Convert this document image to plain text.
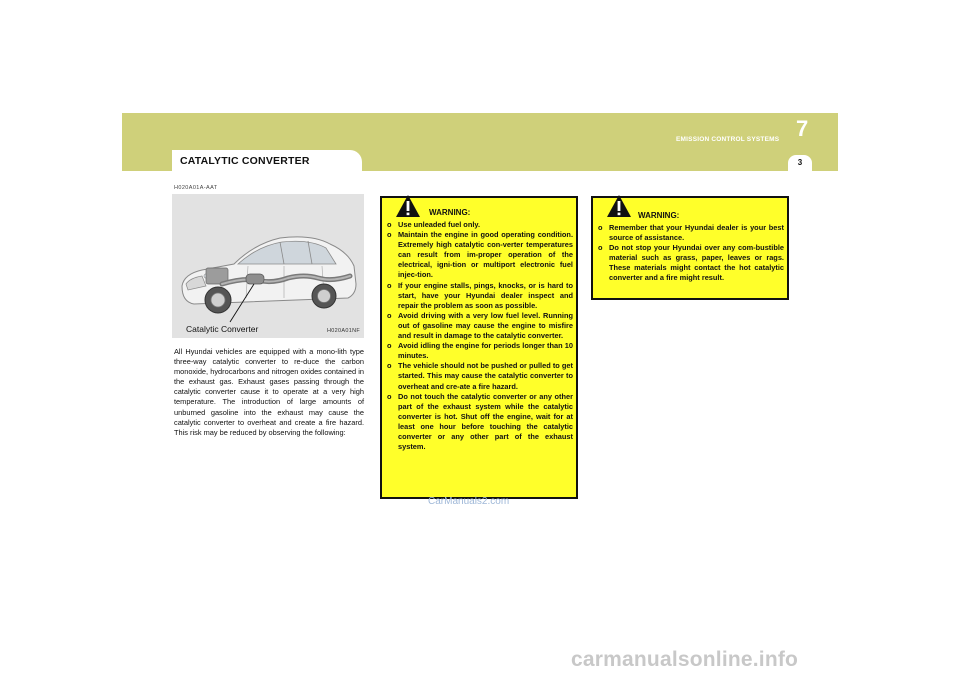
CATALYTIC CONVERTER
EMISSION CONTROL SYSTEMS 7
3
H020A01A-AAT
Catalytic Converter	H020A01NF

All Hyundai vehicles are equipped with a mono-lith type three-way catalytic converter to re-duce the carbon monoxide, hydrocarbons and nitrogen oxides contained in the exhaust gas. Exhaust gases passing through the catalytic converter cause it to operate at a very high temperature. The introduction of large amounts of unburned gasoline into the exhaust may cause the catalytic converter to overheat and create a fire hazard. This risk may be reduced by observing the following:

WARNING:
o Use unleaded fuel only.
o Maintain the engine in good operating condition. Extremely high catalytic con-verter temperatures can result from im-proper operation of the electrical, igni-tion or multiport electronic fuel injec-tion.
o If your engine stalls, pings, knocks, or is hard to start, have your Hyundai dealer inspect and repair the problem as soon as possible.
o Avoid driving with a very low fuel level. Running out of gasoline may cause the engine to misfire and result in damage to the catalytic converter.
o Avoid idling the engine for periods longer than 10 minutes.
o The vehicle should not be pushed or pulled to get started. This may cause the catalytic converter to overheat and cre-ate a fire hazard.
o Do not touch the catalytic converter or any other part of the exhaust system while the catalytic converter is hot. Shut off the engine, wait for at least one hour before touching the catalytic converter or any other part of the exhaust system.
WARNING:
o Remember that your Hyundai dealer is your best source of assistance.
o Do not stop your Hyundai over any com-bustible material such as grass, paper, leaves or rags. These materials might contact the hot catalytic converter and a fire might result.
CarManuals2.com
carmanualsonline.info
